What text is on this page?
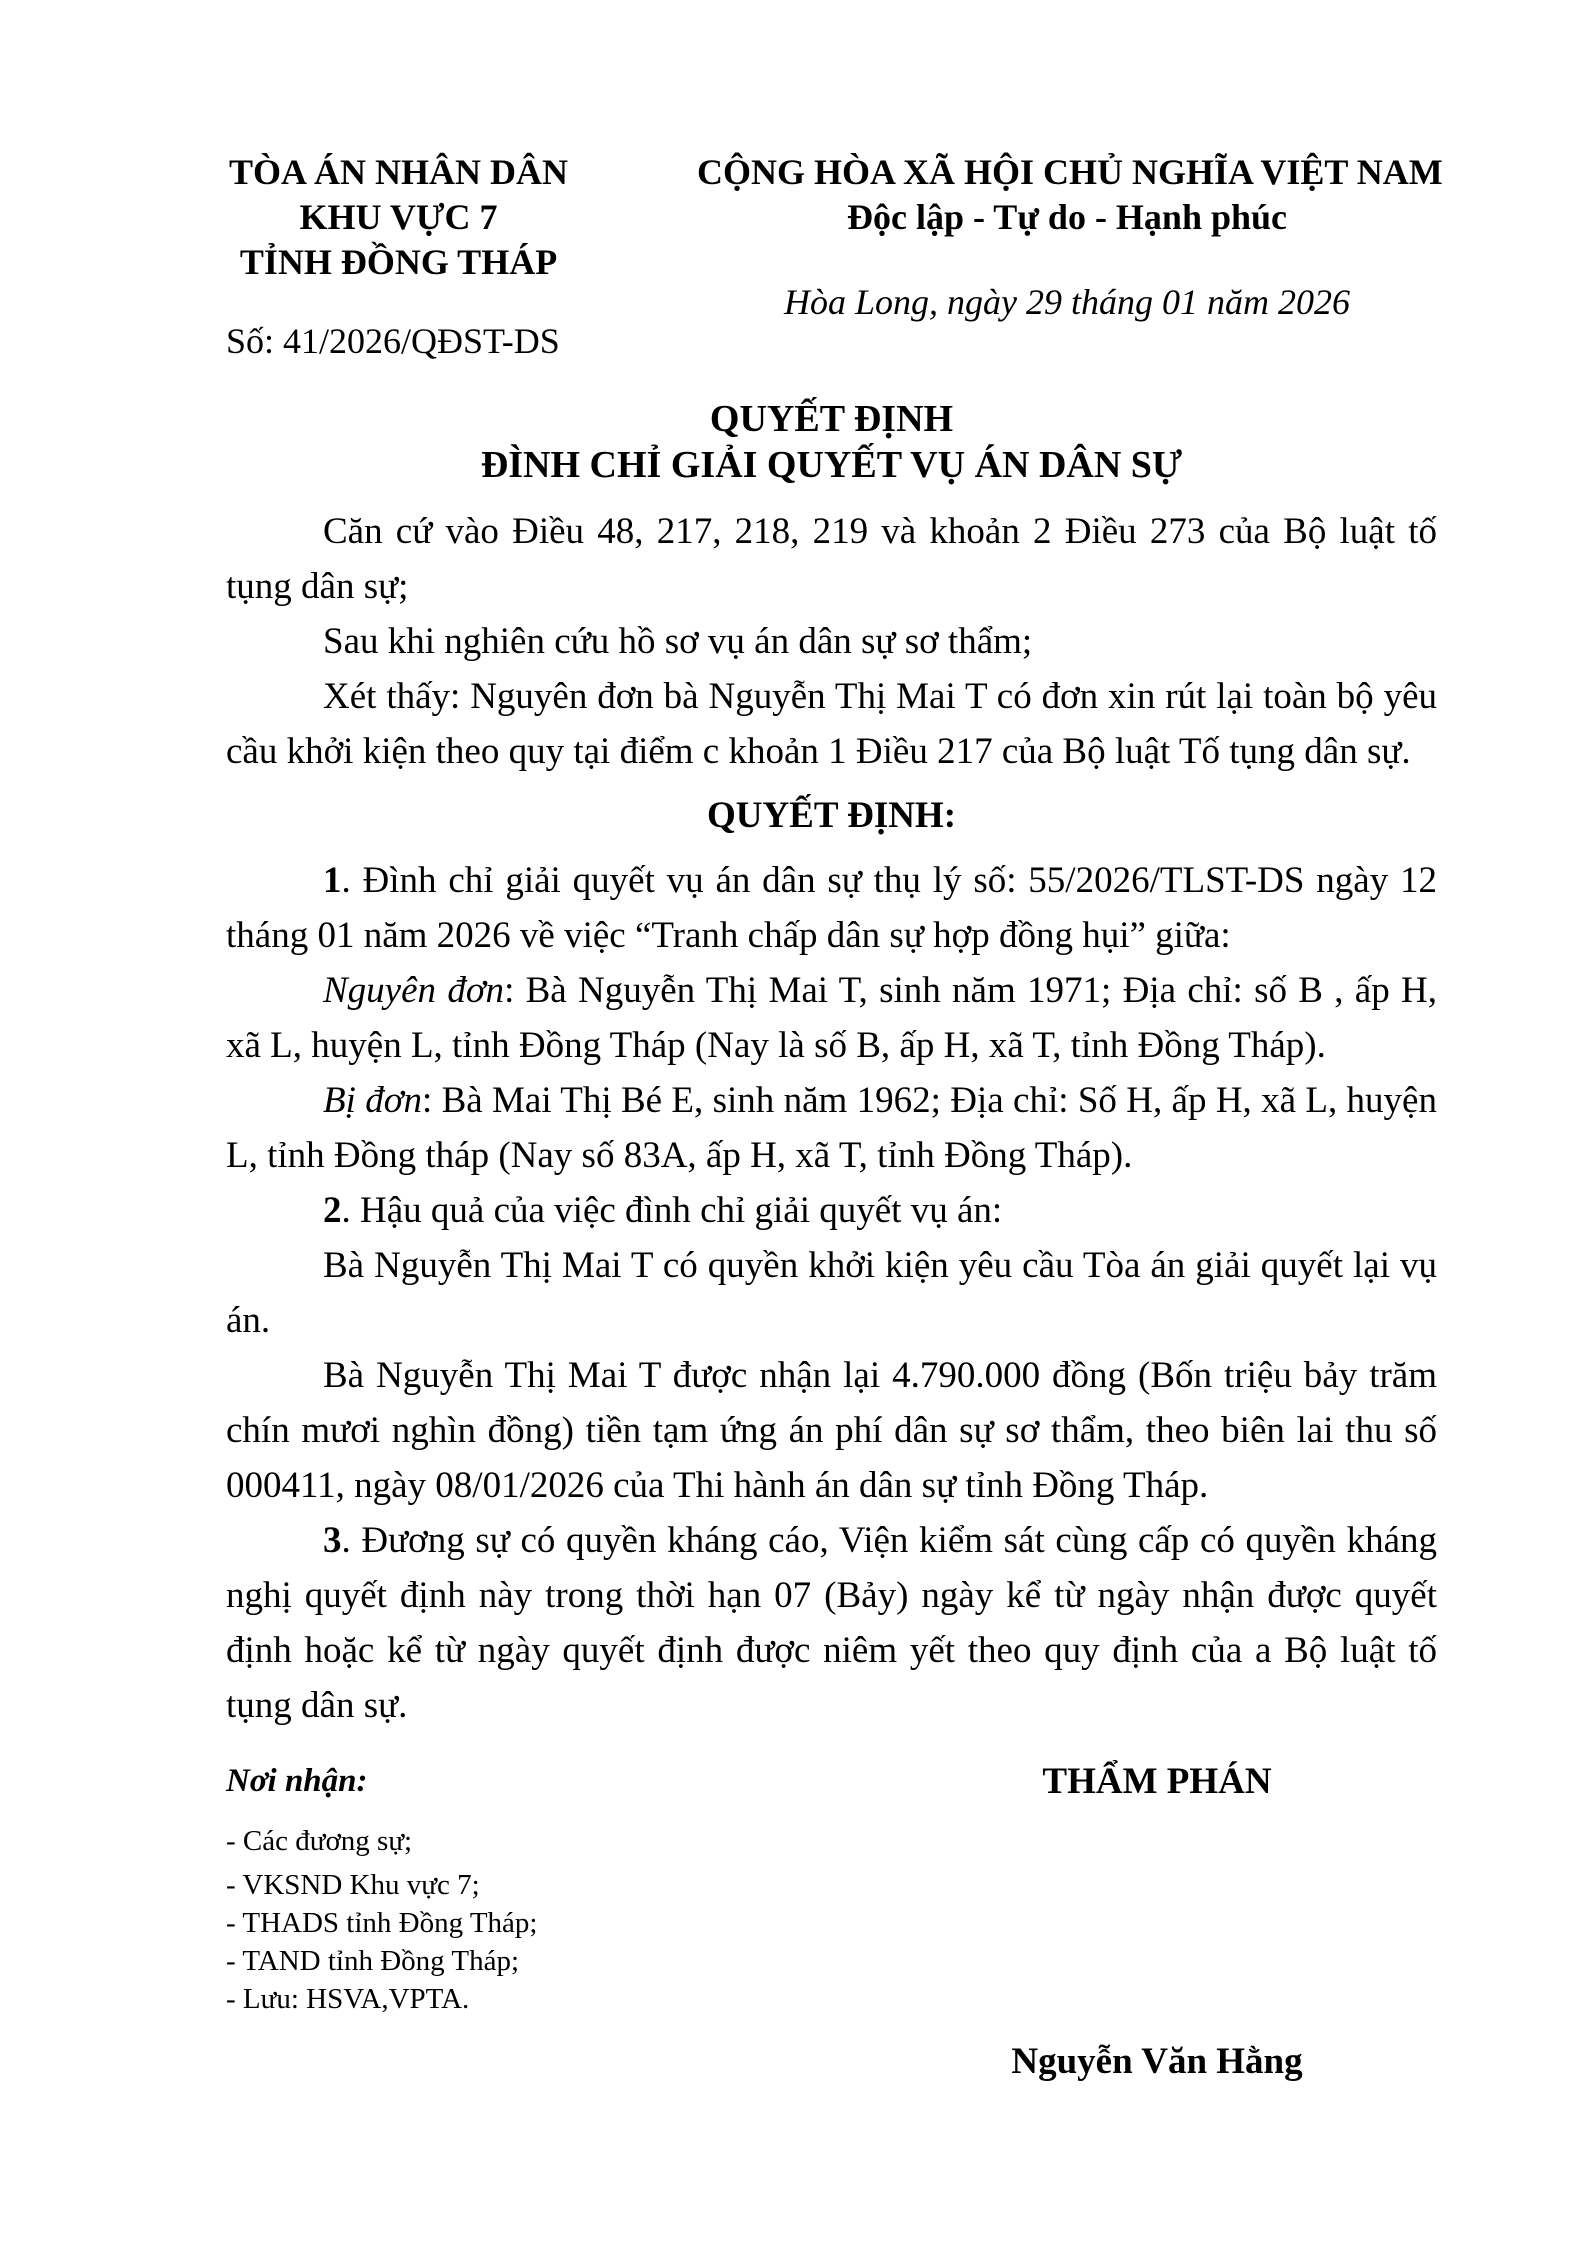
TÒA ÁN NHÂN DÂN
KHU VỰC 7
TỈNH ĐỒNG THÁP
Số: 41/2026/QĐST-DS
CỘNG HÒA XÃ HỘI CHỦ NGHĨA VIỆT NAM
Độc lập - Tự do - Hạnh phúc
Hòa Long, ngày 29 tháng 01 năm 2026
QUYẾT ĐỊNH
ĐÌNH CHỈ GIẢI QUYẾT VỤ ÁN DÂN SỰ
Căn cứ vào Điều 48, 217, 218, 219 và khoản 2 Điều 273 của Bộ luật tố tụng dân sự;
Sau khi nghiên cứu hồ sơ vụ án dân sự sơ thẩm;
Xét thấy: Nguyên đơn bà Nguyễn Thị Mai T có đơn xin rút lại toàn bộ yêu cầu khởi kiện theo quy tại điểm c khoản 1 Điều 217 của Bộ luật Tố tụng dân sự.
QUYẾT ĐỊNH:
1. Đình chỉ giải quyết vụ án dân sự thụ lý số: 55/2026/TLST-DS ngày 12 tháng 01 năm 2026 về việc “Tranh chấp dân sự hợp đồng hụi” giữa:
Nguyên đơn: Bà Nguyễn Thị Mai T, sinh năm 1971; Địa chỉ: số B , ấp H, xã L, huyện L, tỉnh Đồng Tháp (Nay là số B, ấp H, xã T, tỉnh Đồng Tháp).
Bị đơn: Bà Mai Thị Bé E, sinh năm 1962; Địa chỉ: Số H, ấp H, xã L, huyện L, tỉnh Đồng tháp (Nay số 83A, ấp H, xã T, tỉnh Đồng Tháp).
2. Hậu quả của việc đình chỉ giải quyết vụ án:
Bà Nguyễn Thị Mai T có quyền khởi kiện yêu cầu Tòa án giải quyết lại vụ án.
Bà Nguyễn Thị Mai T được nhận lại 4.790.000 đồng (Bốn triệu bảy trăm chín mươi nghìn đồng) tiền tạm ứng án phí dân sự sơ thẩm, theo biên lai thu số 000411, ngày 08/01/2026 của Thi hành án dân sự tỉnh Đồng Tháp.
3. Đương sự có quyền kháng cáo, Viện kiểm sát cùng cấp có quyền kháng nghị quyết định này trong thời hạn 07 (Bảy) ngày kể từ ngày nhận được quyết định hoặc kể từ ngày quyết định được niêm yết theo quy định của a Bộ luật tố tụng dân sự.
Nơi nhận:
- Các đương sự;
- VKSND Khu vực 7;
- THADS tỉnh Đồng Tháp;
- TAND tỉnh Đồng Tháp;
- Lưu: HSVA,VPTA.
THẨM PHÁN
Nguyễn Văn Hằng
